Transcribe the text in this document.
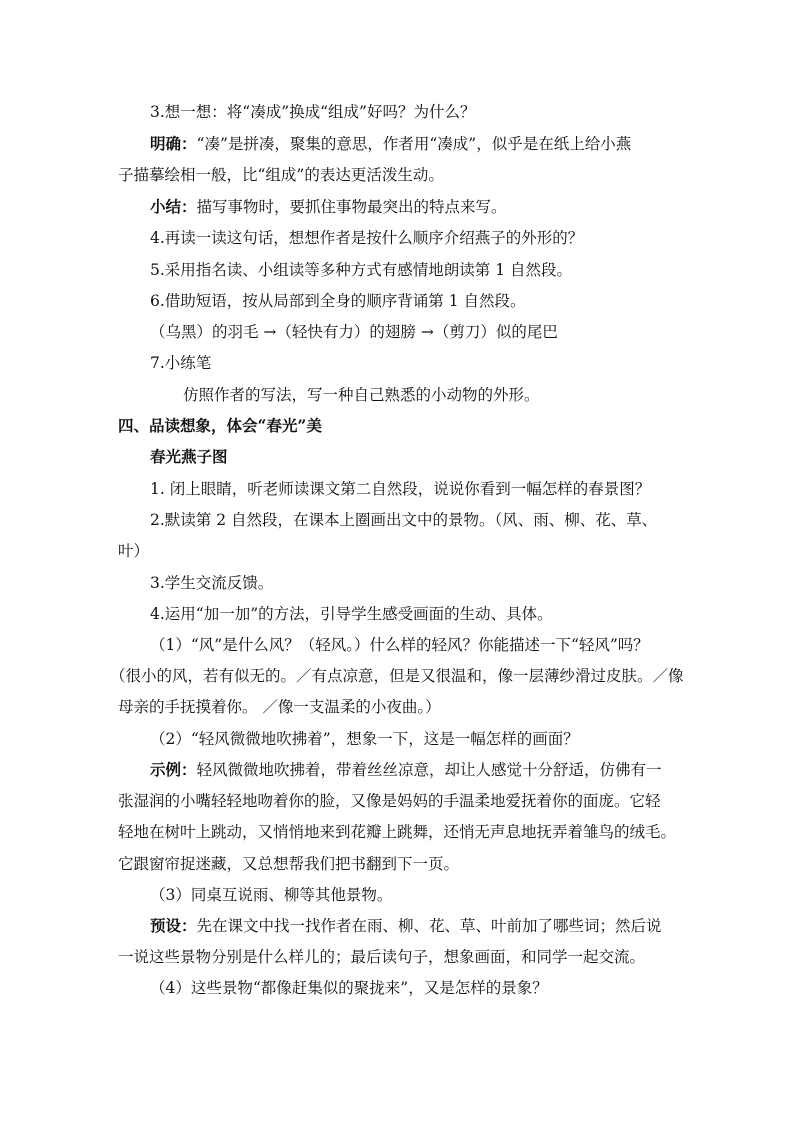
3.想一想：将“凑成”换成“组成”好吗？为什么？
明确：“凑”是拼凑，聚集的意思，作者用“凑成”，似乎是在纸上给小燕
子描摹绘相一般，比“组成”的表达更活泼生动。
小结：描写事物时，要抓住事物最突出的特点来写。
4.再读一读这句话，想想作者是按什么顺序介绍燕子的外形的？
5.采用指名读、小组读等多种方式有感情地朗读第 1 自然段。
6.借助短语，按从局部到全身的顺序背诵第 1 自然段。
（乌黑）的羽毛 →（轻快有力）的翅膀 →（剪刀）似的尾巴
7.小练笔
仿照作者的写法，写一种自己熟悉的小动物的外形。
四、品读想象，体会“春光”美
春光燕子图
1. 闭上眼睛，听老师读课文第二自然段，说说你看到一幅怎样的春景图？
2.默读第 2 自然段，在课本上圈画出文中的景物。（风、雨、柳、花、草、
叶）
3.学生交流反馈。
4.运用“加一加”的方法，引导学生感受画面的生动、具体。
（1）“风”是什么风？（轻风。）什么样的轻风？你能描述一下“轻风”吗？
（很小的风，若有似无的。／有点凉意，但是又很温和，像一层薄纱滑过皮肤。／像
母亲的手抚摸着你。 ／像一支温柔的小夜曲。）
（2）“轻风微微地吹拂着”，想象一下，这是一幅怎样的画面？
示例：轻风微微地吹拂着，带着丝丝凉意，却让人感觉十分舒适，仿佛有一
张湿润的小嘴轻轻地吻着你的脸，又像是妈妈的手温柔地爱抚着你的面庞。它轻
轻地在树叶上跳动，又悄悄地来到花瓣上跳舞，还悄无声息地抚弄着雏鸟的绒毛。
它跟窗帘捉迷藏，又总想帮我们把书翻到下一页。
（3）同桌互说雨、柳等其他景物。
预设：先在课文中找一找作者在雨、柳、花、草、叶前加了哪些词；然后说
一说这些景物分别是什么样儿的；最后读句子，想象画面，和同学一起交流。
（4）这些景物“都像赶集似的聚拢来”，又是怎样的景象？
